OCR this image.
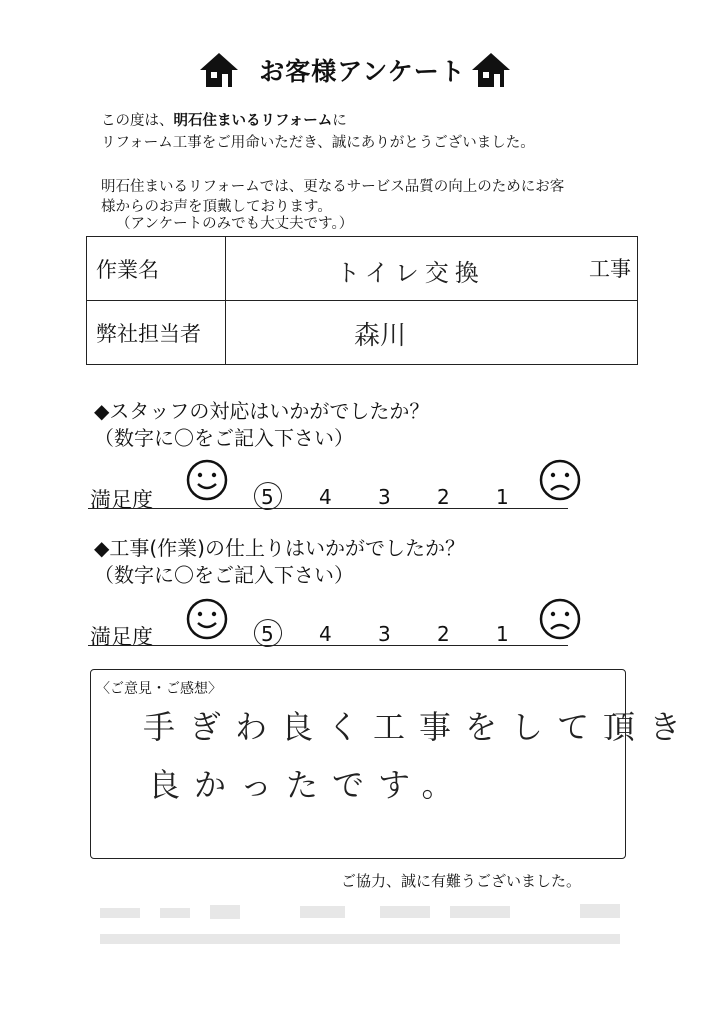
お客様アンケート
この度は、明石住まいるリフォームに
リフォーム工事をご用命いただき、誠にありがとうございました。
明石住まいるリフォームでは、更なるサービス品質の向上のためにお客
様からのお声を頂戴しております。
（アンケートのみでも大丈夫です。）
作業名	トイレ交換 工事

弊社担当者	森川
◆スタッフの対応はいかがでしたか？
（数字に〇をご記入下さい）
満足度	5 4 3 2 1
◆工事(作業)の仕上りはいかがでしたか？
（数字に〇をご記入下さい）
満足度	5 4 3 2 1
〈ご意見・ご感想〉
手ぎわ良く工事をして頂き
良かったです。
ご協力、誠に有難うございました。
